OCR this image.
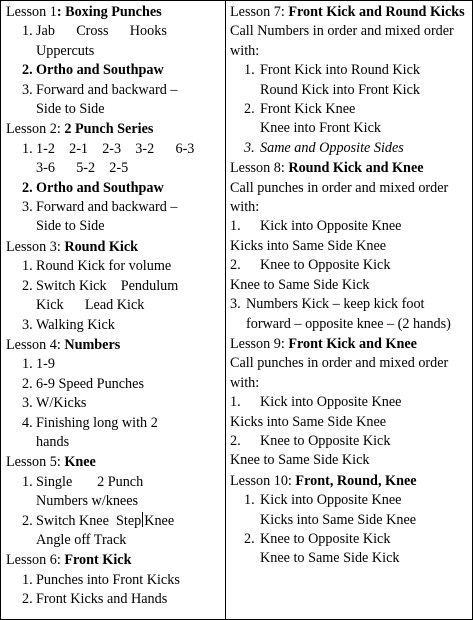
Lesson 1: Boxing Punches

1. Jab      Cross      Hooks
Uppercuts
2. Ortho and Southpaw
3. Forward and backward –
Side to Side

Lesson 2: 2 Punch Series

1. 1-2    2-1    2-3    3-2      6-3
3-6      5-2    2-5
2. Ortho and Southpaw
3. Forward and backward –
Side to Side

Lesson 3: Round Kick

1. Round Kick for volume
2. Switch Kick    Pendulum
Kick      Lead Kick
3. Walking Kick

Lesson 4: Numbers

1. 1-9
2. 6-9 Speed Punches
3. W/Kicks
4. Finishing long with 2
hands

Lesson 5: Knee

1. Single       2 Punch
Numbers w/knees
2. Switch Knee  Step Knee
Angle off Track

Lesson 6: Front Kick

1. Punches into Front Kicks
2. Front Kicks and Hands

Lesson 7: Front Kick and Round Kicks

Call Numbers in order and mixed order with:

1. Front Kick into Round Kick
Round Kick into Front Kick
2. Front Kick Knee
Knee into Front Kick
3. Same and Opposite Sides

Lesson 8: Round Kick and Knee

Call punches in order and mixed order with:

1. Kick into Opposite Knee
Kicks into Same Side Knee
2. Knee to Opposite Kick
Knee to Same Side Kick
3. Numbers Kick – keep kick foot forward – opposite knee – (2 hands)

Lesson 9: Front Kick and Knee

Call punches in order and mixed order with:

1. Kick into Opposite Knee
Kicks into Same Side Knee
2. Knee to Opposite Kick
Knee to Same Side Kick

Lesson 10: Front, Round, Knee

1. Kick into Opposite Knee
Kicks into Same Side Knee
2. Knee to Opposite Kick
Knee to Same Side Kick
